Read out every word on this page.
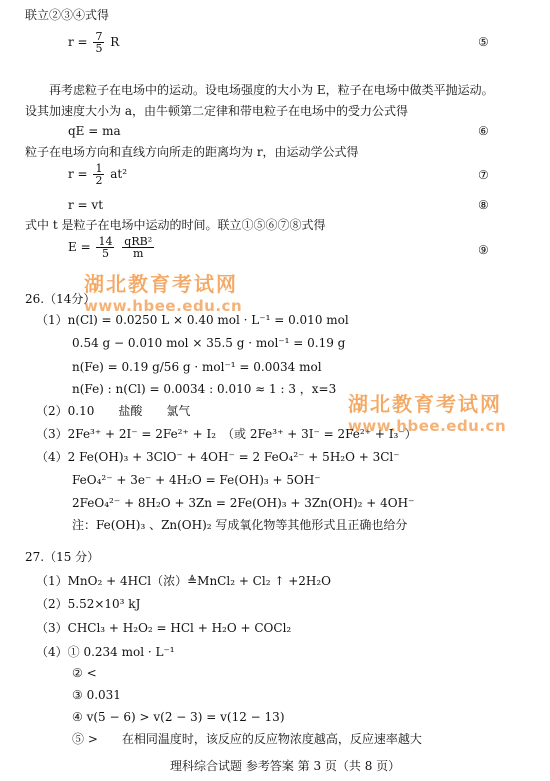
联立②③④式得
$r = \frac{7}{5}$ R	⑤
再考虑粒子在电场中的运动。设电场强度的大小为 E，粒子在电场中做类平抛运动。
设其加速度大小为 a，由牛顿第二定律和带电粒子在电场中的受力公式得
qE = ma	⑥
粒子在电场方向和直线方向所走的距离均为 r，由运动学公式得
$r = \frac{1}{2} at^2$	⑦
r = vt	⑧
式中 t 是粒子在电场中运动的时间。联立①⑤⑥⑦⑧式得
$E = \frac{14}{5}$
$\frac{\text{qRB²}}{m}$	⑨
湖北教育考试网
www.hbee.edu.cn
26.（14分）
（1）n(Cl) = 0.0250 L × 0.40 mol · L⁻¹ = 0.010 mol
0.54 g − 0.010 mol × 35.5 g · mol⁻¹ = 0.19 g
n(Fe) = 0.19 g/56 g · mol⁻¹ = 0.0034 mol
n(Fe) : n(Cl) = 0.0034 : 0.010 ≈ 1 : 3 ，x=3
湖北教育考试网
www.hbee.edu.cn
（2）0.10　　盐酸　　氯气
（3）2Fe³⁺ + 2I⁻ = 2Fe²⁺ + I₂　（或 2Fe³⁺ + 3I⁻ = 2Fe²⁺ + I₃⁻）
（4）2 Fe(OH)₃ + 3ClO⁻ + 4OH⁻ = 2 FeO₄²⁻ + 5H₂O + 3Cl⁻
FeO₄²⁻ + 3e⁻ + 4H₂O = Fe(OH)₃ + 5OH⁻
2FeO₄²⁻ + 8H₂O + 3Zn = 2Fe(OH)₃ + 3Zn(OH)₂ + 4OH⁻
注：Fe(OH)₃ 、Zn(OH)₂ 写成氧化物等其他形式且正确也给分
27.（15 分）
（1）MnO₂ + 4HCl（浓）≜MnCl₂ + Cl₂ ↑ +2H₂O
（2）5.52×10³ kJ
（3）CHCl₃ + H₂O₂ = HCl + H₂O + COCl₂
（4）① 0.234 mol · L⁻¹
② <
③ 0.031
④ v(5 − 6) > v(2 − 3) = v(12 − 13)
⑤ >　　在相同温度时，该反应的反应物浓度越高，反应速率越大
理科综合试题 参考答案 第 3 页（共 8 页）
